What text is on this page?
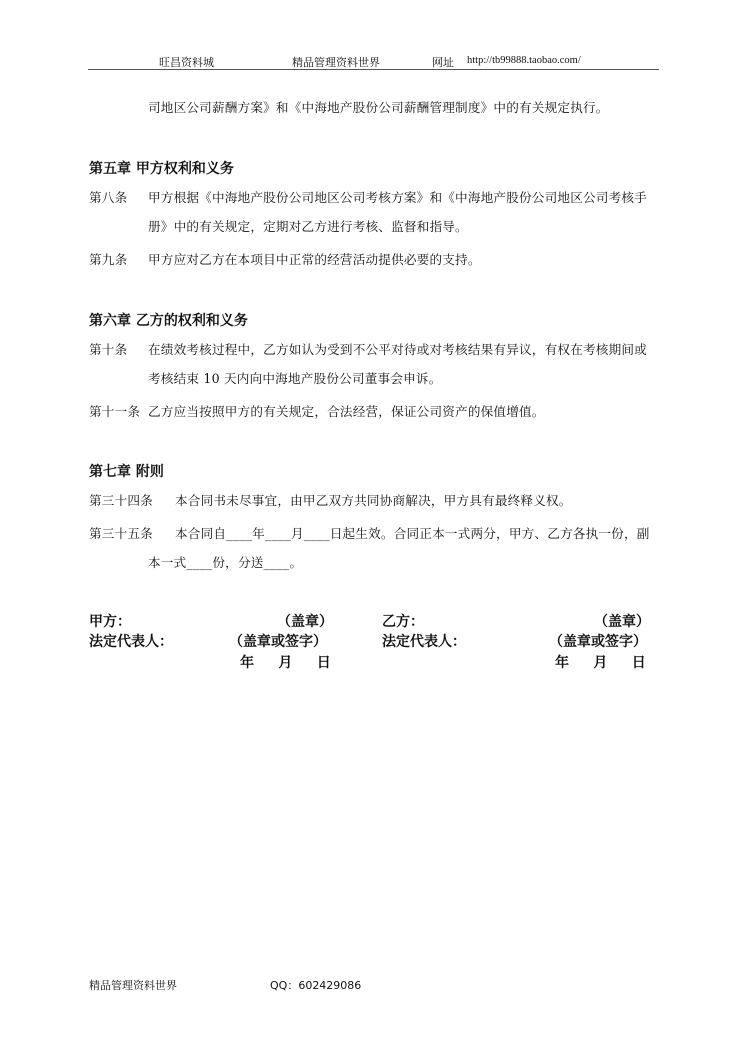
旺昌资料城	精品管理资料世界	网址 http://tb99888.taobao.com/
司地区公司薪酬方案》和《中海地产股份公司薪酬管理制度》中的有关规定执行。
第五章 甲方权利和义务
第八条 甲方根据《中海地产股份公司地区公司考核方案》和《中海地产股份公司地区公司考核手
册》中的有关规定，定期对乙方进行考核、监督和指导。
第九条 甲方应对乙方在本项目中正常的经营活动提供必要的支持。
第六章 乙方的权利和义务
第十条 在绩效考核过程中，乙方如认为受到不公平对待或对考核结果有异议，有权在考核期间或
考核结束 10 天内向中海地产股份公司董事会申诉。
第十一条 乙方应当按照甲方的有关规定，合法经营，保证公司资产的保值增值。
第七章 附则
第三十四条 本合同书未尽事宜，由甲乙双方共同协商解决，甲方具有最终释义权。
第三十五条 本合同自____年____月____日起生效。合同正本一式两分，甲方、乙方各执一份，副
本一式____份，分送____。
甲方：	（盖章）
法定代表人：	（盖章或签字）
年     月     日
乙方：	（盖章）
法定代表人：	（盖章或签字）
年     月     日
精品管理资料世界	QQ：602429086
